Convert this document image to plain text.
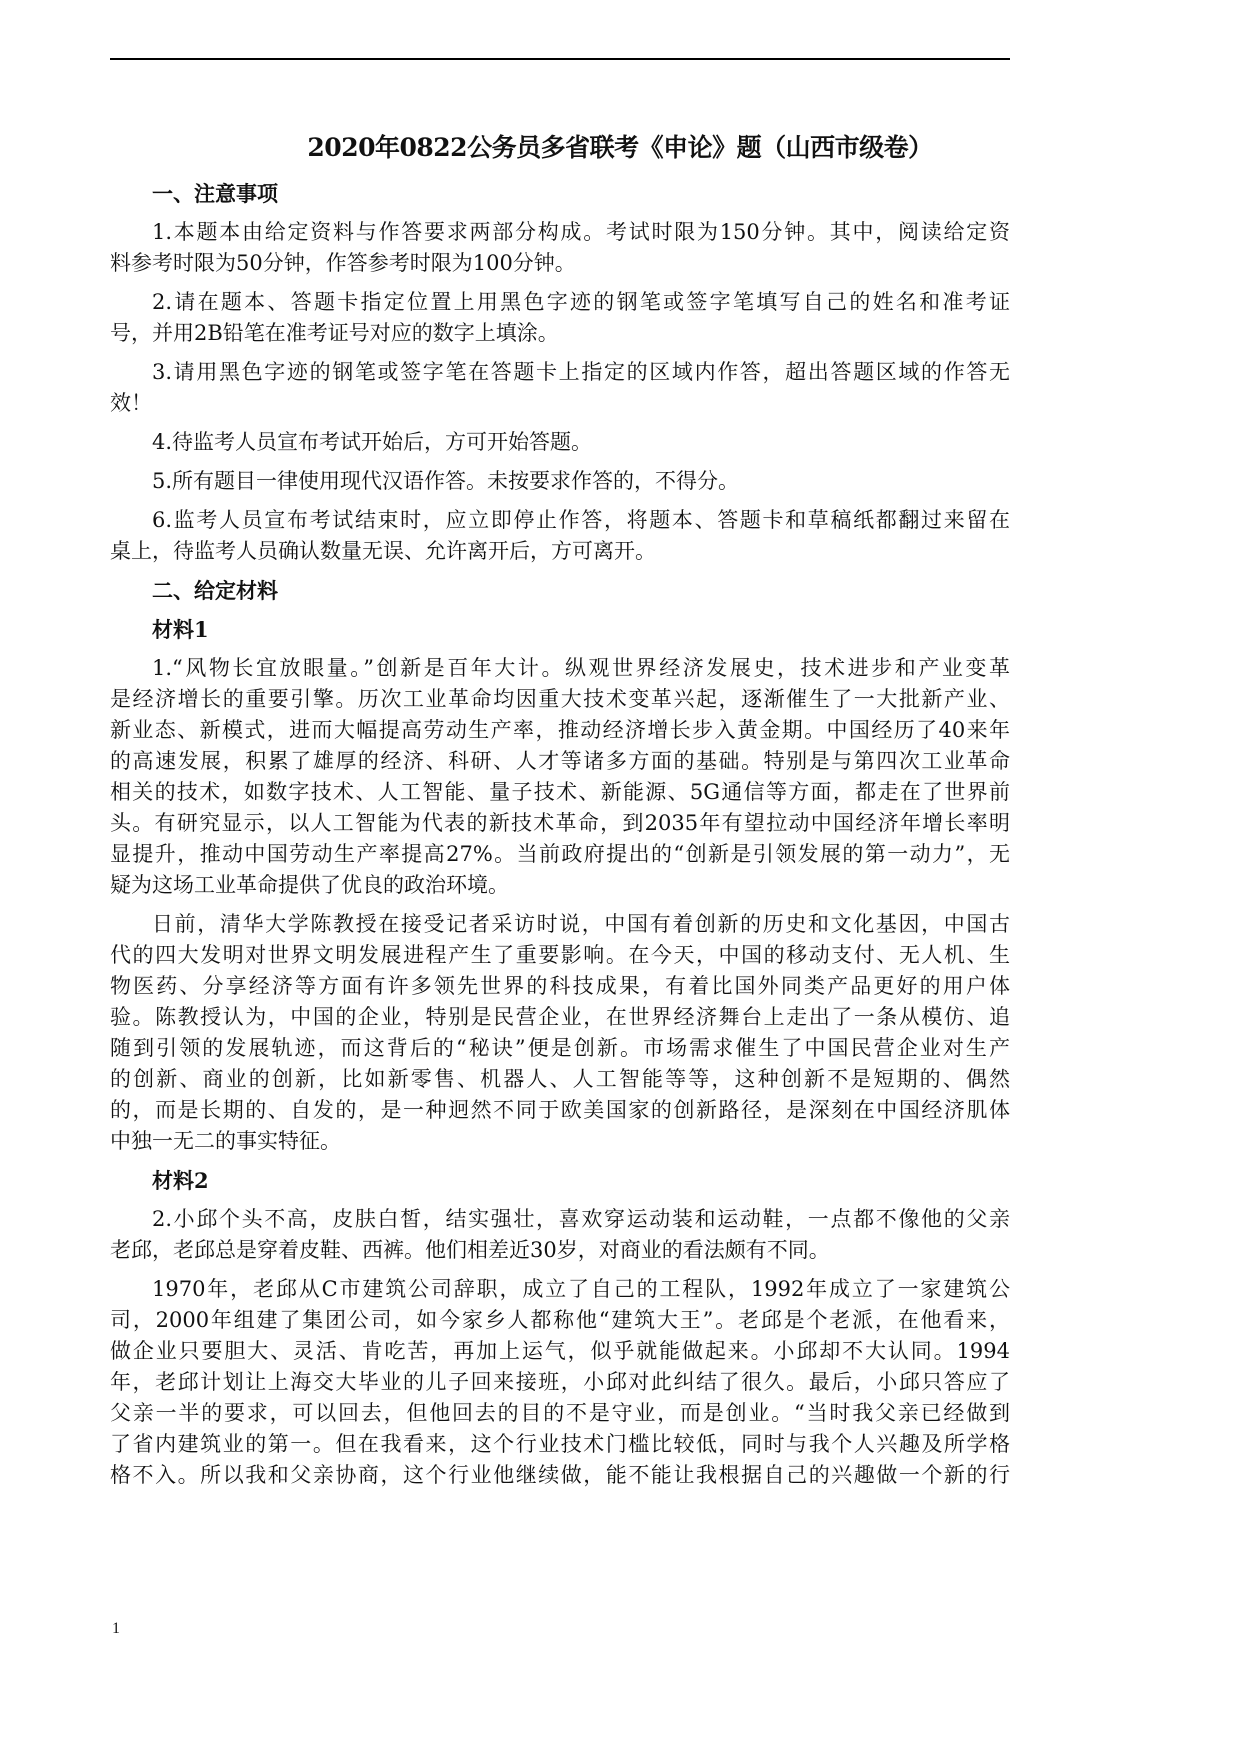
2020年0822公务员多省联考《申论》题（山西市级卷）
一、注意事项
1.本题本由给定资料与作答要求两部分构成。考试时限为150分钟。其中，阅读给定资
料参考时限为50分钟，作答参考时限为100分钟。
2.请在题本、答题卡指定位置上用黑色字迹的钢笔或签字笔填写自己的姓名和准考证
号，并用2B铅笔在准考证号对应的数字上填涂。
3.请用黑色字迹的钢笔或签字笔在答题卡上指定的区域内作答，超出答题区域的作答无
效！
4.待监考人员宣布考试开始后，方可开始答题。
5.所有题目一律使用现代汉语作答。未按要求作答的，不得分。
6.监考人员宣布考试结束时，应立即停止作答，将题本、答题卡和草稿纸都翻过来留在
桌上，待监考人员确认数量无误、允许离开后，方可离开。
二、给定材料
材料1
1.“风物长宜放眼量。”创新是百年大计。纵观世界经济发展史，技术进步和产业变革
是经济增长的重要引擎。历次工业革命均因重大技术变革兴起，逐渐催生了一大批新产业、
新业态、新模式，进而大幅提高劳动生产率，推动经济增长步入黄金期。中国经历了40来年
的高速发展，积累了雄厚的经济、科研、人才等诸多方面的基础。特别是与第四次工业革命
相关的技术，如数字技术、人工智能、量子技术、新能源、5G通信等方面，都走在了世界前
头。有研究显示，以人工智能为代表的新技术革命，到2035年有望拉动中国经济年增长率明
显提升，推动中国劳动生产率提高27%。当前政府提出的“创新是引领发展的第一动力”，无
疑为这场工业革命提供了优良的政治环境。
日前，清华大学陈教授在接受记者采访时说，中国有着创新的历史和文化基因，中国古
代的四大发明对世界文明发展进程产生了重要影响。在今天，中国的移动支付、无人机、生
物医药、分享经济等方面有许多领先世界的科技成果，有着比国外同类产品更好的用户体
验。陈教授认为，中国的企业，特别是民营企业，在世界经济舞台上走出了一条从模仿、追
随到引领的发展轨迹，而这背后的“秘诀”便是创新。市场需求催生了中国民营企业对生产
的创新、商业的创新，比如新零售、机器人、人工智能等等，这种创新不是短期的、偶然
的，而是长期的、自发的，是一种迥然不同于欧美国家的创新路径，是深刻在中国经济肌体
中独一无二的事实特征。
材料2
2.小邱个头不高，皮肤白皙，结实强壮，喜欢穿运动装和运动鞋，一点都不像他的父亲
老邱，老邱总是穿着皮鞋、西裤。他们相差近30岁，对商业的看法颇有不同。
1970年，老邱从C市建筑公司辞职，成立了自己的工程队，1992年成立了一家建筑公
司，2000年组建了集团公司，如今家乡人都称他“建筑大王”。老邱是个老派，在他看来，
做企业只要胆大、灵活、肯吃苦，再加上运气，似乎就能做起来。小邱却不大认同。1994
年，老邱计划让上海交大毕业的儿子回来接班，小邱对此纠结了很久。最后，小邱只答应了
父亲一半的要求，可以回去，但他回去的目的不是守业，而是创业。“当时我父亲已经做到
了省内建筑业的第一。但在我看来，这个行业技术门槛比较低，同时与我个人兴趣及所学格
格不入。所以我和父亲协商，这个行业他继续做，能不能让我根据自己的兴趣做一个新的行
1
